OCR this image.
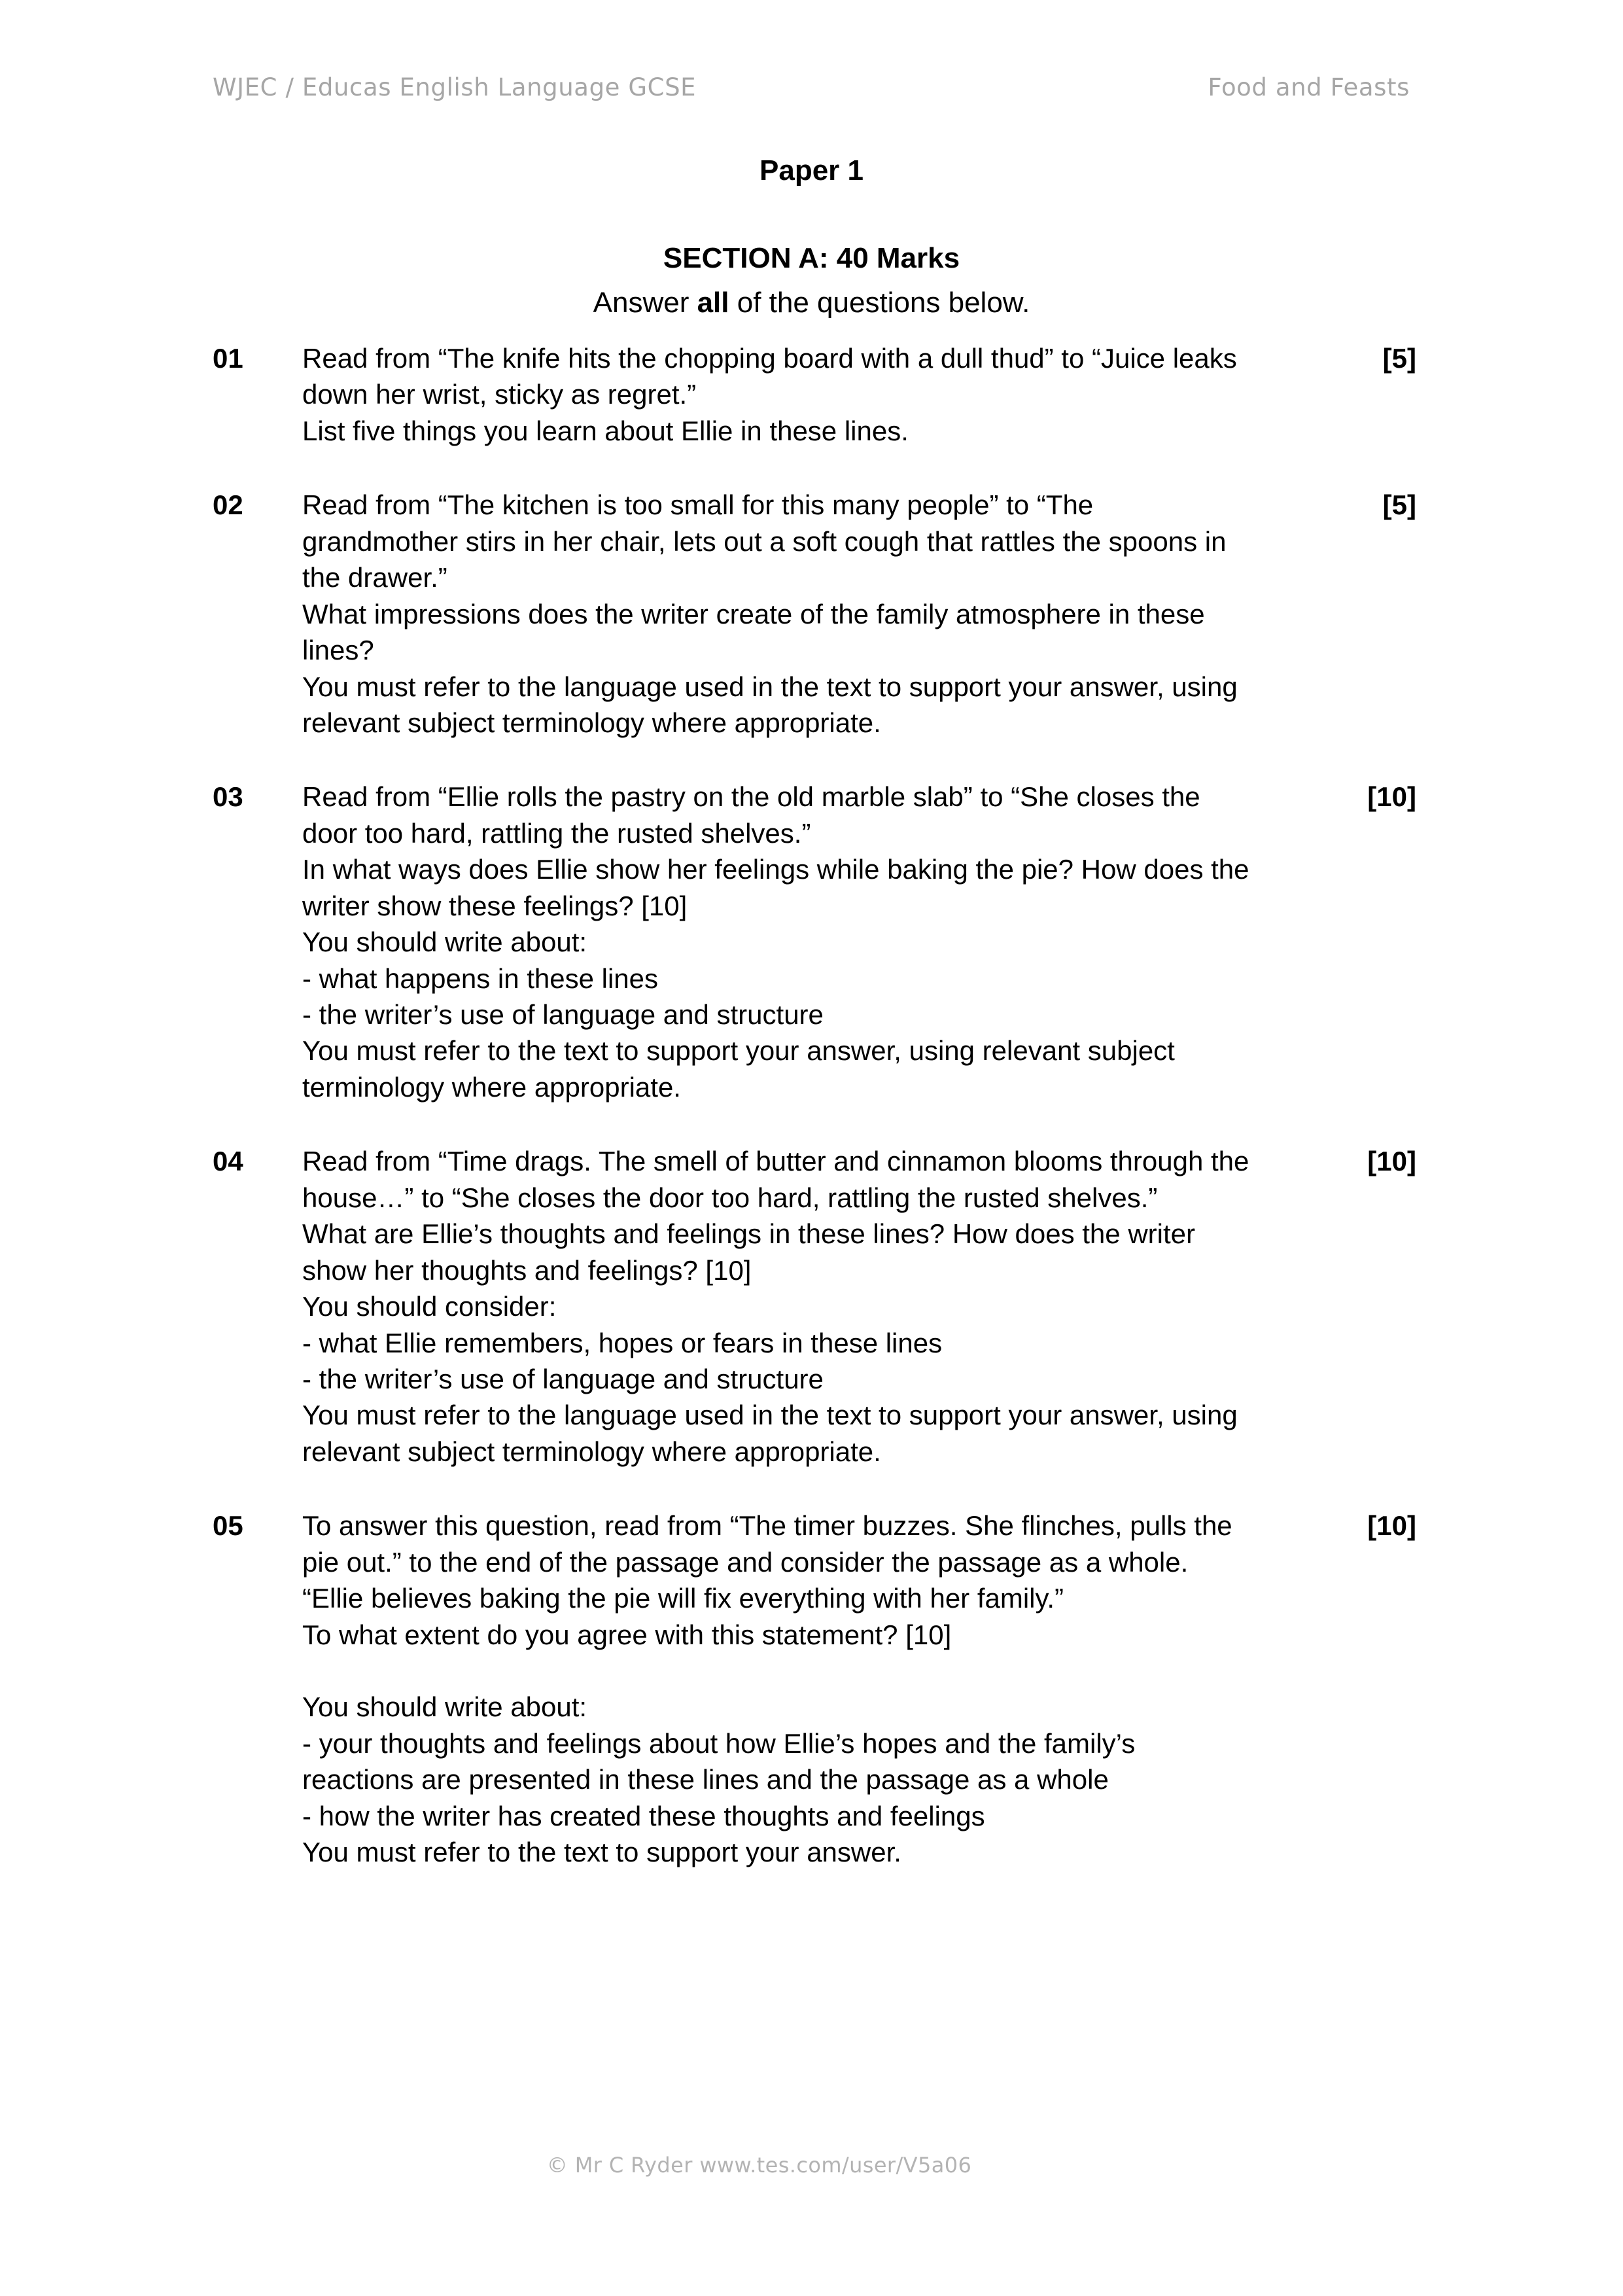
WJEC / Educas English Language GCSE	Food and Feasts
Paper 1
SECTION A: 40 Marks
Answer all of the questions below.
01	Read from “The knife hits the chopping board with a dull thud” to “Juice leaks down her wrist, sticky as regret.”

List five things you learn about Ellie in these lines.

[5]
02	Read from “The kitchen is too small for this many people” to “The grandmother stirs in her chair, lets out a soft cough that rattles the spoons in the drawer.”

What impressions does the writer create of the family atmosphere in these lines?

You must refer to the language used in the text to support your answer, using relevant subject terminology where appropriate.

[5]
03	Read from “Ellie rolls the pastry on the old marble slab” to “She closes the door too hard, rattling the rusted shelves.”

In what ways does Ellie show her feelings while baking the pie? How does the writer show these feelings? [10]

You should write about:

- what happens in these lines

- the writer’s use of language and structure

You must refer to the text to support your answer, using relevant subject terminology where appropriate.

[10]
04	Read from “Time drags. The smell of butter and cinnamon blooms through the house…” to “She closes the door too hard, rattling the rusted shelves.”

What are Ellie’s thoughts and feelings in these lines? How does the writer show her thoughts and feelings? [10]

You should consider:

- what Ellie remembers, hopes or fears in these lines

- the writer’s use of language and structure

You must refer to the language used in the text to support your answer, using relevant subject terminology where appropriate.

[10]
05	To answer this question, read from “The timer buzzes. She flinches, pulls the pie out.” to the end of the passage and consider the passage as a whole.

“Ellie believes baking the pie will fix everything with her family.”

To what extent do you agree with this statement? [10]

You should write about:

- your thoughts and feelings about how Ellie’s hopes and the family’s reactions are presented in these lines and the passage as a whole

- how the writer has created these thoughts and feelings

You must refer to the text to support your answer.

[10]
© Mr C Ryder www.tes.com/user/V5a06
